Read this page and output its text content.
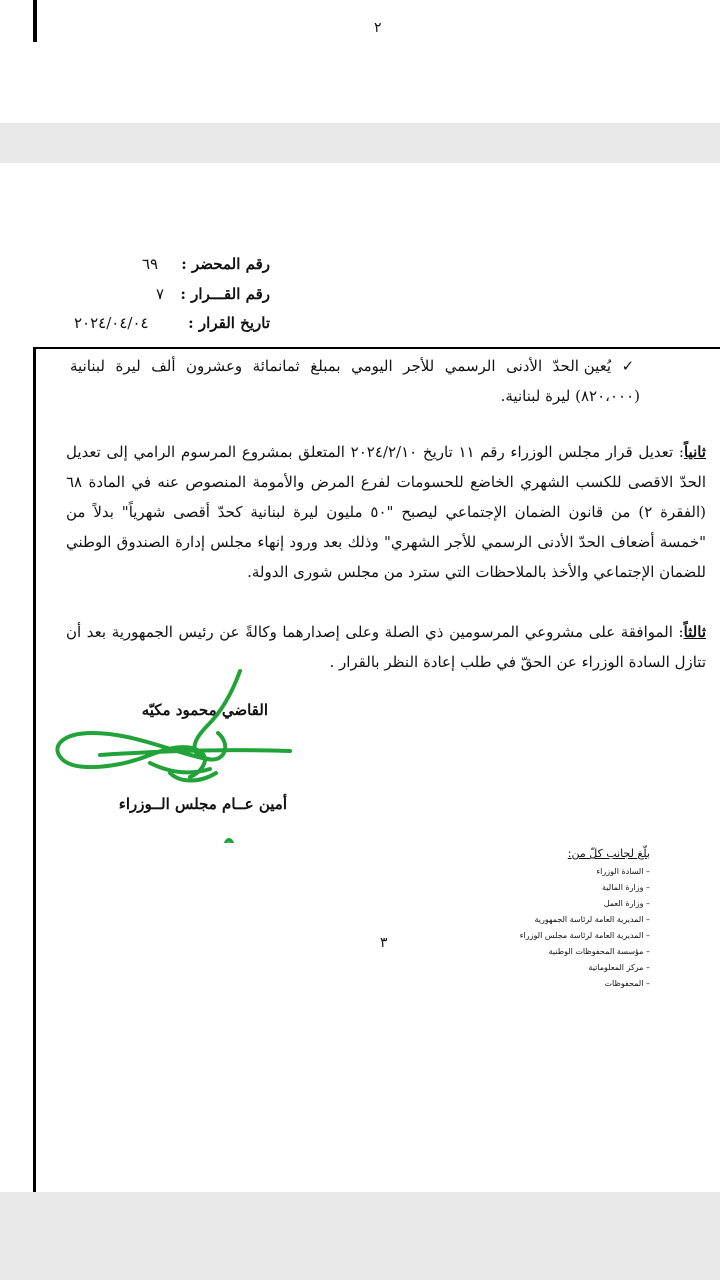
٢
رقم المحضر :
٦٩
رقم القـــرار :
٧
تاريخ القرار :
٢٠٢٤/٠٤/٠٤
✓ يُعين الحدّ الأدنى الرسمي للأجر اليومي بمبلغ ثمانمائة وعشرون ألف ليرة لبنانية (٨٢٠،٠٠٠) ليرة لبنانية.
ثانياً: تعديل قرار مجلس الوزراء رقم ١١ تاريخ ٢٠٢٤/٢/١٠ المتعلق بمشروع المرسوم الرامي إلى تعديل الحدّ الاقصى للكسب الشهري الخاضع للحسومات لفرع المرض والأمومة المنصوص عنه في المادة ٦٨ (الفقرة ٢) من قانون الضمان الإجتماعي ليصبح "٥٠ مليون ليرة لبنانية كحدّ أقصى شهرياً" بدلاً من "خمسة أضعاف الحدّ الأدنى الرسمي للأجر الشهري" وذلك بعد ورود إنهاء مجلس إدارة الصندوق الوطني للضمان الإجتماعي والأخذ بالملاحظات التي سترد من مجلس شورى الدولة.
ثالثاً: الموافقة على مشروعي المرسومين ذي الصلة وعلى إصدارهما وكالةً عن رئيس الجمهورية بعد أن تتازل السادة الوزراء عن الحقّ في طلب إعادة النظر بالقرار .
القاضي محمود مكيّه
أمين عــام مجلس الــوزراء
بلّغ لجانب كلّ من:
– السادة الوزراء
– وزارة المالية
– وزارة العمل
– المديرية العامة لرئاسة الجمهورية
– المديرية العامة لرئاسة مجلس الوزراء
– مؤسسة المحفوظات الوطنية
– مركز المعلوماتية
– المحفوظات
٣
